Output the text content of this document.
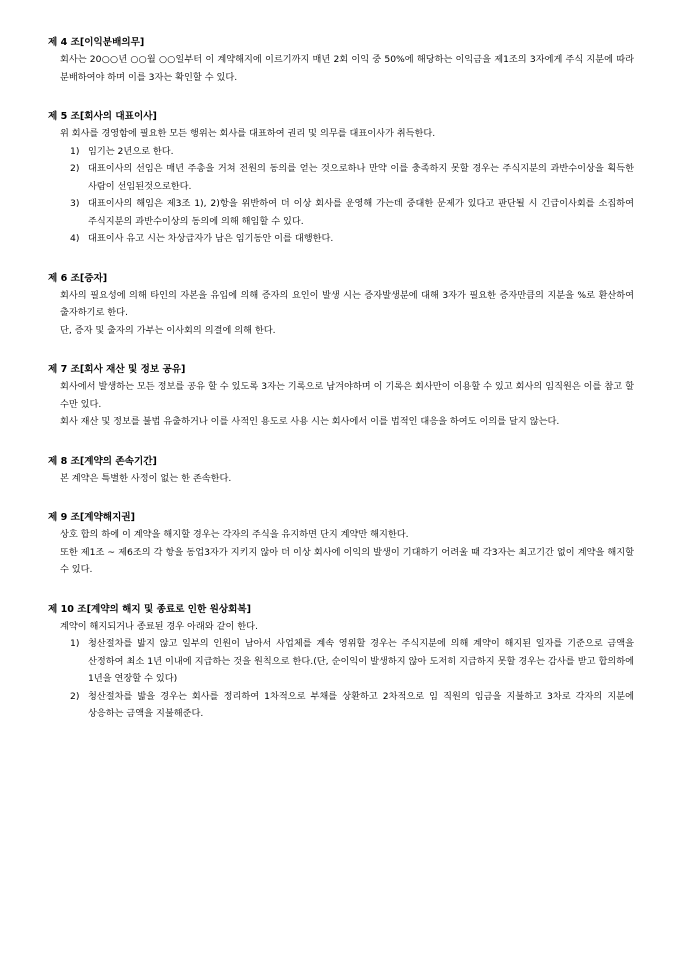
제 4 조[이익분배의무]

회사는 20○○년 ○○월 ○○일부터 이 계약해지에 이르기까지 매년 2회 이익 중 50%에 해당하는 이익금을 제1조의 3자에게 주식 지분에 따라 분배하여야 하며 이를 3자는 확인할 수 있다.

제 5 조[회사의 대표이사]

위 회사를 경영함에 필요한 모든 행위는 회사를 대표하여 권리 및 의무를 대표이사가 취득한다.

1) 임기는 2년으로 한다.
2) 대표이사의 선임은 매년 주총을 거쳐 전원의 동의를 얻는 것으로하나 만약 이를 충족하지 못할 경우는 주식지분의 과반수이상을 획득한 사람이 선임된것으로한다.
3) 대표이사의 해임은 제3조 1), 2)항을 위반하여 더 이상 회사를 운영해 가는데 중대한 문제가 있다고 판단될 시 긴급이사회를 소집하여 주식지분의 과반수이상의 동의에 의해 해임할 수 있다.
4) 대표이사 유고 시는 차상급자가 남은 임기동안 이를 대행한다.
제 6 조[증자]

회사의 필요성에 의해 타인의 자본을 유입에 의해 증자의 요인이 발생 시는 증자발생분에 대해 3자가 필요한 증자만큼의 지분을 %로 환산하여 출자하기로 한다.

단, 증자 및 출자의 가부는 이사회의 의결에 의해 한다.

제 7 조[회사 재산 및 정보 공유]

회사에서 발생하는 모든 정보를 공유 할 수 있도록 3자는 기록으로 남겨야하며 이 기록은 회사만이 이용할 수 있고 회사의 임직원은 이를 참고 할 수만 있다.

회사 재산 및 정보를 불법 유출하거나 이를 사적인 용도로 사용 시는 회사에서 이를 법적인 대응을 하여도 이의를 달지 않는다.

제 8 조[계약의 존속기간]

본 계약은 특별한 사정이 없는 한 존속한다.

제 9 조[계약해지권]

상호 합의 하에 이 계약을 해지할 경우는 각자의 주식을 유지하면 단지 계약만 해지한다.

또한 제1조 ~ 제6조의 각 항을 동업3자가 지키지 않아 더 이상 회사에 이익의 발생이 기대하기 어려울 때 각3자는 최고기간 없이 계약을 해지할 수 있다.

제 10 조[계약의 해지 및 종료로 인한 원상회복]

계약이 해지되거나 종료된 경우 아래와 같이 한다.

1) 청산절차를 밟지 않고 일부의 인원이 남아서 사업체를 계속 영위할 경우는 주식지분에 의해 계약이 해지된 일자를 기준으로 금액을 산정하여 최소 1년 이내에 지급하는 것을 원칙으로 한다.(단, 순이익이 발생하지 않아 도저히 지급하지 못할 경우는 감사를 받고 합의하에 1년을 연장할 수 있다)
2) 청산절차를 밟을 경우는 회사를 정리하여 1차적으로 부채를 상환하고 2차적으로 임 직원의 임금을 지불하고 3차로 각자의 지분에 상응하는 금액을 지불해준다.
